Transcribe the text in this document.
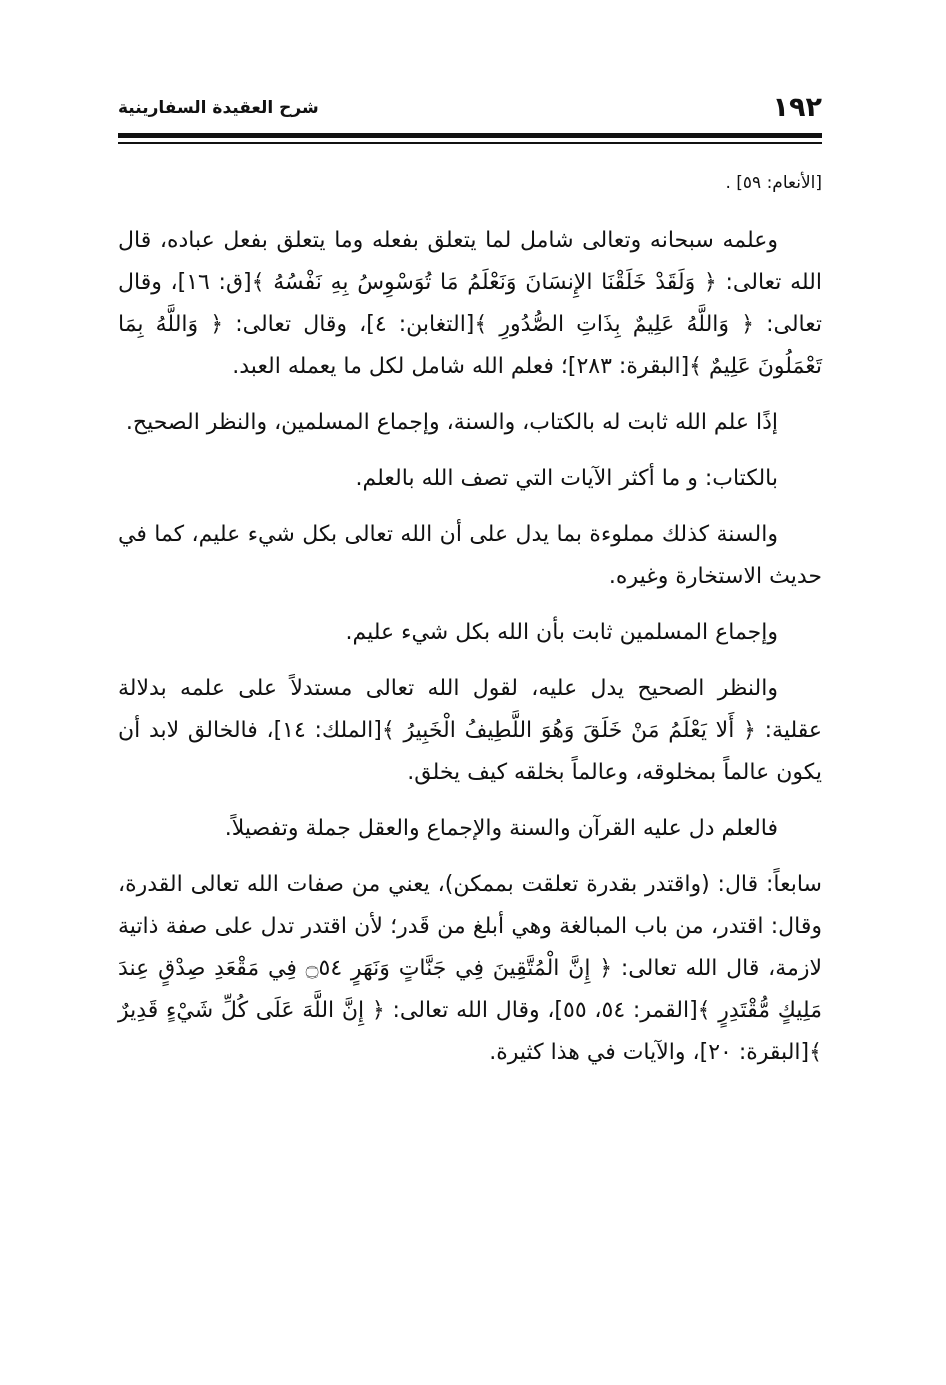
١٩٢
شرح العقيدة السفارينية

[الأنعام: ٥٩] .

وعلمه سبحانه وتعالى شامل لما يتعلق بفعله وما يتعلق بفعل عباده، قال الله تعالى: ﴿ وَلَقَدْ خَلَقْنَا الإِنسَانَ وَنَعْلَمُ مَا تُوَسْوِسُ بِهِ نَفْسُهُ ﴾[ق: ١٦]، وقال تعالى: ﴿ وَاللَّهُ عَلِيمٌ بِذَاتِ الصُّدُورِ ﴾[التغابن: ٤]، وقال تعالى: ﴿ وَاللَّهُ بِمَا تَعْمَلُونَ عَلِيمٌ ﴾[البقرة: ٢٨٣]؛ فعلم الله شامل لكل ما يعمله العبد.

إذًا علم الله ثابت له بالكتاب، والسنة، وإجماع المسلمين، والنظر الصحيح.

بالكتاب: و ما أكثر الآيات التي تصف الله بالعلم.

والسنة كذلك مملوءة بما يدل على أن الله تعالى بكل شيء عليم، كما في حديث الاستخارة وغيره.

وإجماع المسلمين ثابت بأن الله بكل شيء عليم.

والنظر الصحيح يدل عليه، لقول الله تعالى مستدلاً على علمه بدلالة عقلية: ﴿ أَلا يَعْلَمُ مَنْ خَلَقَ وَهُوَ اللَّطِيفُ الْخَبِيرُ ﴾[الملك: ١٤]، فالخالق لابد أن يكون عالماً بمخلوقه، وعالماً بخلقه كيف يخلق.

فالعلم دل عليه القرآن والسنة والإجماع والعقل جملة وتفصيلاً.

سابعاً: قال: (واقتدر بقدرة تعلقت بممكن)، يعني من صفات الله تعالى القدرة، وقال: اقتدر، من باب المبالغة وهي أبلغ من قَدر؛ لأن اقتدر تدل على صفة ذاتية لازمة، قال الله تعالى: ﴿ إِنَّ الْمُتَّقِينَ فِي جَنَّاتٍ وَنَهَرٍ ۝٥٤ فِي مَقْعَدِ صِدْقٍ عِندَ مَلِيكٍ مُّقْتَدِرٍ ﴾[القمر: ٥٤، ٥٥]، وقال الله تعالى: ﴿ إِنَّ اللَّهَ عَلَى كُلِّ شَيْءٍ قَدِيرٌ ﴾[البقرة: ٢٠]، والآيات في هذا كثيرة.
